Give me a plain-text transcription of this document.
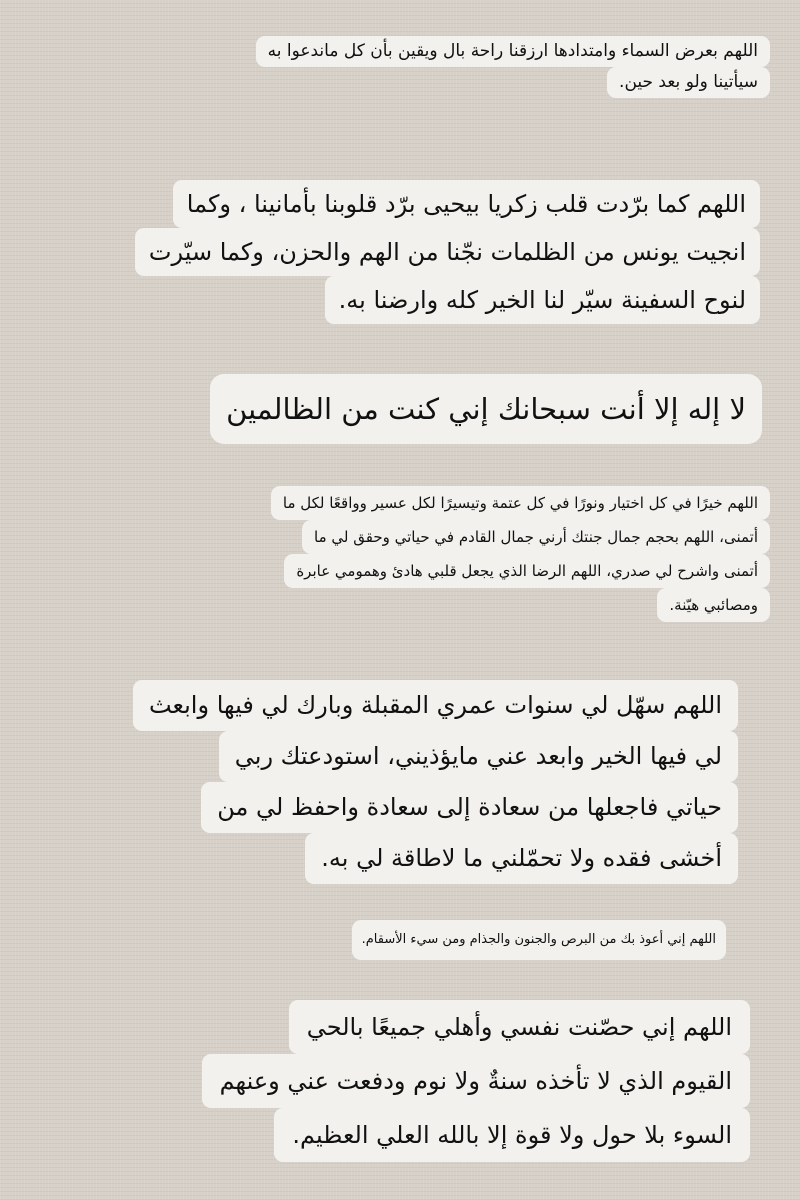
اللهم بعرض السماء وامتدادها ارزقنا راحة بال ويقين بأن كل ماندعوا به
سيأتينا ولو بعد حين.
اللهم كما برّدت قلب زكريا بيحيى برّد قلوبنا بأمانينا ، وكما
انجيت يونس من الظلمات نجّنا من الهم والحزن، وكما سيّرت
لنوح السفينة سيّر لنا الخير كله وارضنا به.
لا إله إلا أنت سبحانك إني كنت من الظالمين
اللهم خيرًا في كل اختيار ونورًا في كل عتمة وتيسيرًا لكل عسير وواقعًا لكل ما
أتمنى، اللهم بحجم جمال جنتك أرني جمال القادم في حياتي وحقق لي ما
أتمنى واشرح لي صدري، اللهم الرضا الذي يجعل قلبي هادئ وهمومي عابرة
ومصائبي هيّنة.
اللهم سهّل لي سنوات عمري المقبلة وبارك لي فيها وابعث
لي فيها الخير وابعد عني مايؤذيني، استودعتك ربي
حياتي فاجعلها من سعادة إلى سعادة واحفظ لي من
أخشى فقده ولا تحمّلني ما لاطاقة لي به.
اللهم إني أعوذ بك من البرص والجنون والجذام ومن سيء الأسقام.
اللهم إني حصّنت نفسي وأهلي جميعًا بالحي
القيوم الذي لا تأخذه سنةٌ ولا نوم ودفعت عني وعنهم
السوء بلا حول ولا قوة إلا بالله العلي العظيم.
